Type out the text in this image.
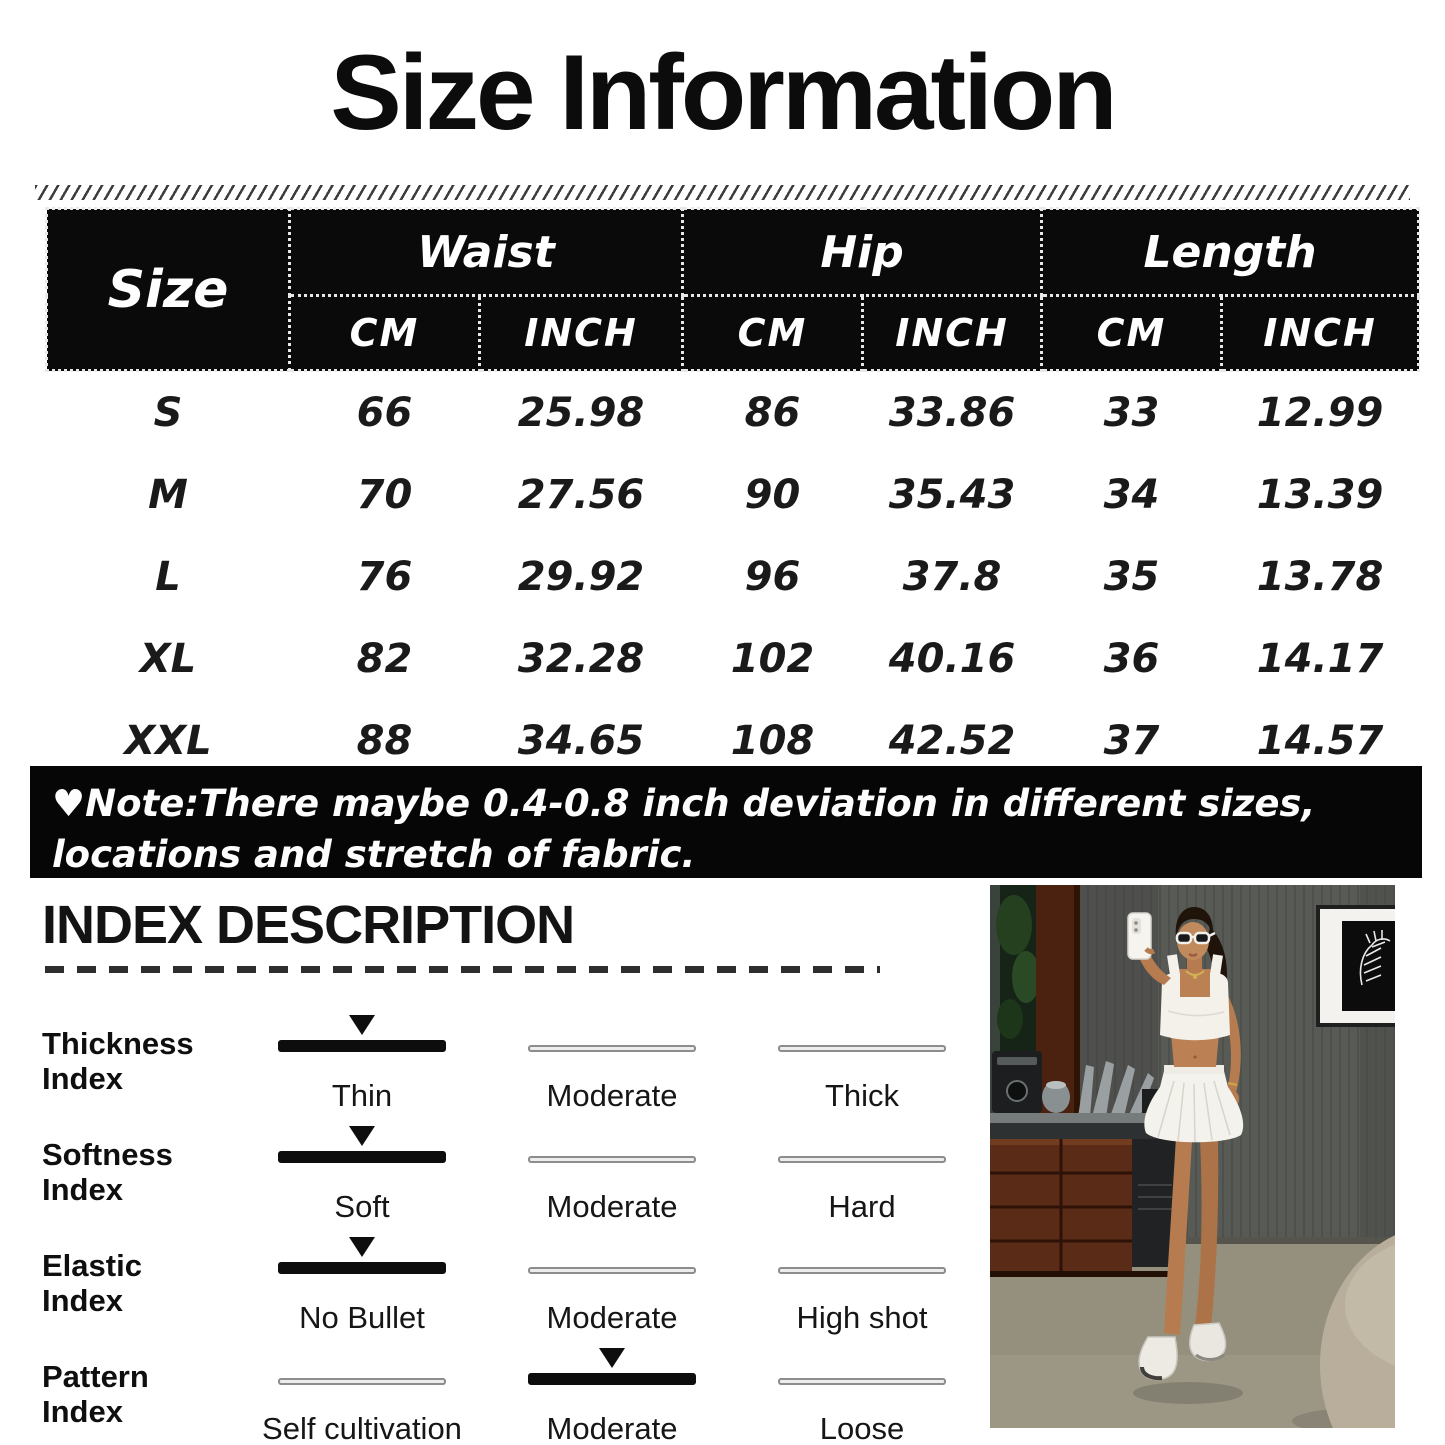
Size Information
Size	Waist		Hip		Length	
	CM	INCH	CM	INCH	CM	INCH
S	66	25.98	86	33.86	33	12.99
M	70	27.56	90	35.43	34	13.39
L	76	29.92	96	37.8	35	13.78
XL	82	32.28	102	40.16	36	14.17
XXL	88	34.65	108	42.52	37	14.57
♥Note:There maybe 0.4-0.8 inch deviation in different sizes,
locations and stretch of fabric.
INDEX DESCRIPTION
Thickness
Index	Thin	Moderate	Thick
Softness
Index	Soft	Moderate	Hard
Elastic
Index	No Bullet	Moderate	High shot
Pattern
Index	Self cultivation	Moderate	Loose
